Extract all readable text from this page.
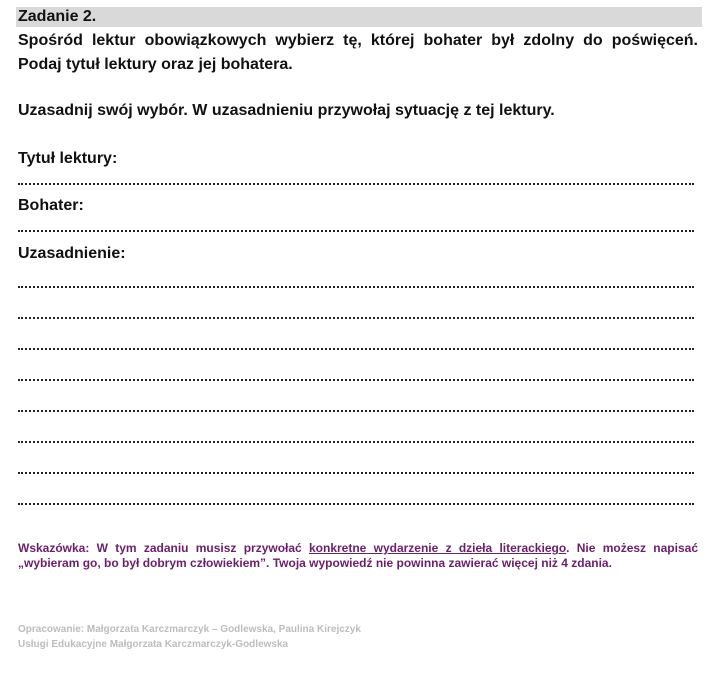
Zadanie 2.

Spośród lektur obowiązkowych wybierz tę, której bohater był zdolny do poświęceń. Podaj tytuł lektury oraz jej bohatera.

Uzasadnij swój wybór. W uzasadnieniu przywołaj sytuację z tej lektury.

Tytuł lektury:
Bohater:
Uzasadnienie:

Wskazówka: W tym zadaniu musisz przywołać konkretne wydarzenie z dzieła literackiego. Nie możesz napisać „wybieram go, bo był dobrym człowiekiem”. Twoja wypowiedź nie powinna zawierać więcej niż 4 zdania.

Opracowanie: Małgorzata Karczmarczyk – Godlewska, Paulina Kirejczyk
Usługi Edukacyjne Małgorzata Karczmarczyk-Godlewska
